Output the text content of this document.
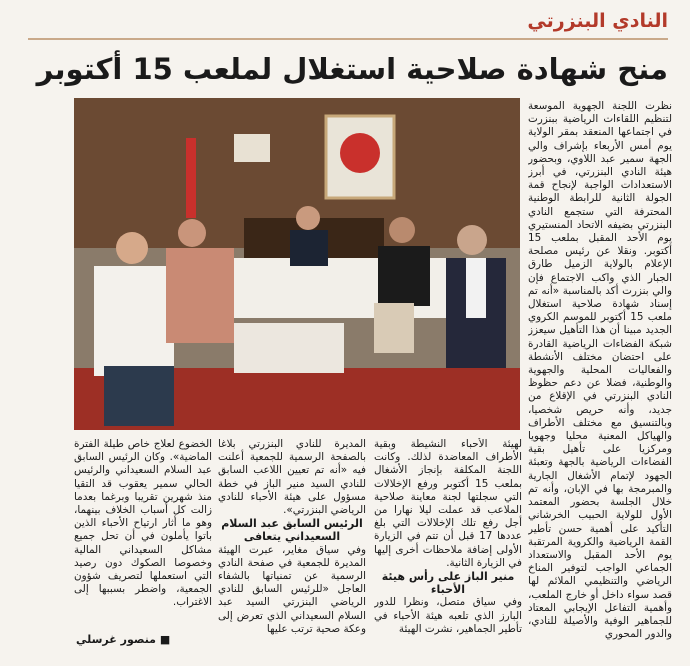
النادي البنزرتي
منح شهادة صلاحية استغلال لملعب 15 أكتوبر

نظرت اللجنة الجهوية الموسعة لتنظيم اللقاءات الرياضية ببنزرت في اجتماعها المنعقد بمقر الولاية يوم أمس الأربعاء بإشراف والي الجهة سمير عبد اللاوي، وبحضور هيئة النادي البنزرتي، في أبرز الاستعدادات الواجبة لإنجاح قمة الجولة الثانية للرابطة الوطنية المحترفة التي ستجمع النادي البنزرتي بضيفه الاتحاد المنستيري يوم الأحد المقبل بملعب 15 أكتوبر. ونقلا عن رئيس مصلحة الإعلام بالولاية الزميل طارق الجبار الذي واكب الاجتماع فإن والي بنزرت أكد بالمناسبة «أنه تم إسناد شهادة صلاحية استغلال ملعب 15 أكتوبر للموسم الكروي الجديد مبينا أن هذا التأهيل سيعزز شبكة الفضاءات الرياضية القادرة على احتضان مختلف الأنشطة والفعاليات المحلية والجهوية والوطنية، فضلا عن دعم حظوظ النادي البنزرتي في الإقلاع من جديد، وأنه حريص شخصيا، وبالتنسيق مع مختلف الأطراف والهياكل المعنية محليا وجهويا ومركزيا على تأهيل بقية الفضاءات الرياضية بالجهة وتعبئة الجهود لإتمام الأشغال الجارية والمبرمجة بها في الإبان، وأنه تم خلال الجلسة بحضور المعتمد الأول للولاية الحبيب الخرشاني التأكيد على أهمية حسن تأطير القمة الرياضية والكروية المرتقبة يوم الأحد المقبل والاستعداد الجماعي الواجب لتوفير المناخ الرياضي والتنظيمي الملائم لها قصد سواء داخل أو خارج الملعب، وأهمية التفاعل الإيجابي المعتاد للجماهير الوفية والأصيلة للنادي، والدور المحوري

لهيئة الأحباء النشيطة وبقية الأطراف المعاضدة لذلك. وكانت اللجنة المكلفة بإنجاز الأشغال بملعب 15 أكتوبر ورفع الإخلالات التي سجلتها لجنة معاينة صلاحية الملاعب قد عملت ليلا نهارا من أجل رفع تلك الإخلالات التي بلغ عددها 17 قبل أن تتم في الزيارة الأولى إضافة ملاحظات أخرى إليها في الزيارة الثانية.

منير الباز على رأس هيئة الأحباء

وفي سياق متصل، ونظرا للدور البارز الذي تلعبه هيئة الأحباء في تأطير الجماهير، نشرت الهيئة

المديرة للنادي البنزرتي بلاغا بالصفحة الرسمية للجمعية أعلنت فيه «أنه تم تعيين اللاعب السابق للنادي السيد منير الباز في خطة مسؤول على هيئة الأحباء للنادي الرياضي البنزرتي».

الرئيس السابق عبد السلام السعيداني يتعافى

وفي سياق مغاير، عبرت الهيئة المديرة للجمعية في صفحة النادي الرسمية عن تمنياتها بالشفاء العاجل «للرئيس السابق للنادي الرياضي البنزرتي السيد عبد السلام السعيداني الذي تعرض إلى وعكة صحية ترتب عليها

الخضوع لعلاج خاص طيلة الفترة الماضية». وكان الرئيس السابق عبد السلام السعيداني والرئيس الحالي سمير يعقوب قد التقيا منذ شهرين تقريبا وبرغما بعدما زالت كل أسباب الخلاف بينهما، وهو ما أثار ارتياح الأحباء الذين باتوا يأملون في أن تحل جميع مشاكل السعيداني المالية وخصوصا الصكوك دون رصيد التي استعملها لتصريف شؤون الجمعية، واضطر بسببها إلى الاغتراب.

■ منصور غرسلي
